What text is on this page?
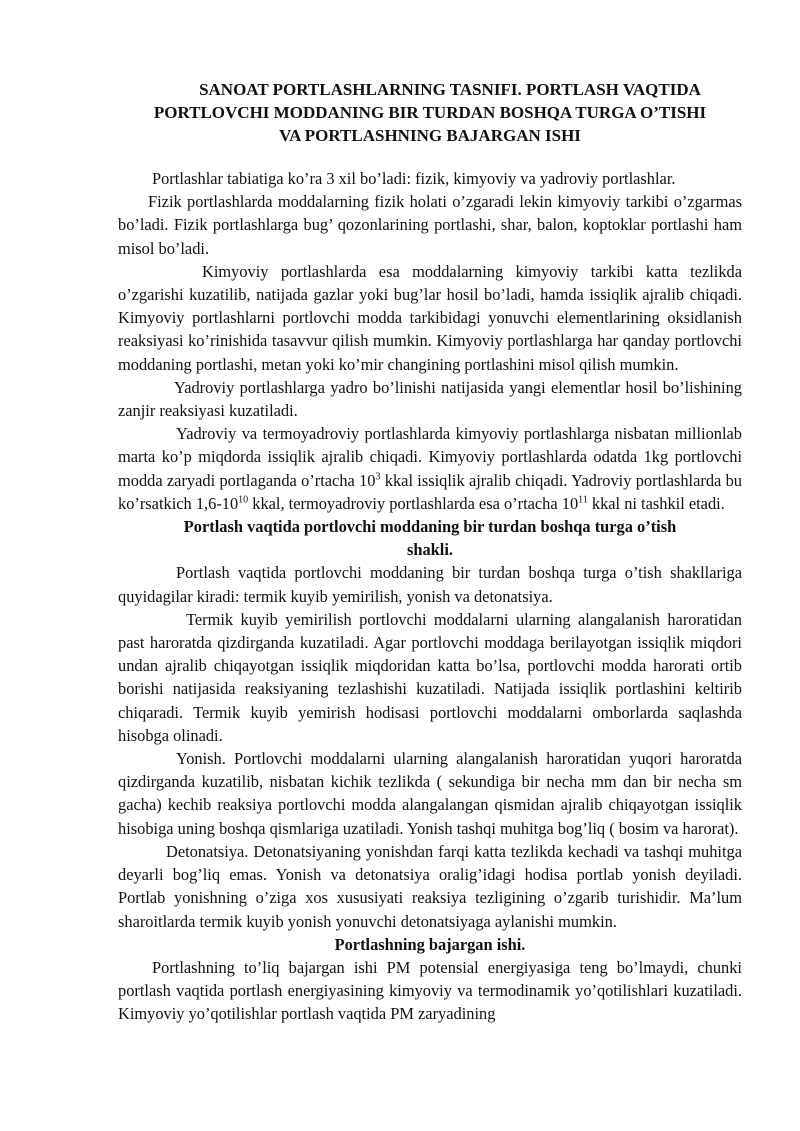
SANOAT PORTLASHLARNING TASNIFI. PORTLASH VAQTIDA
PORTLOVCHI MODDANING BIR TURDAN BOSHQA TURGA O’TISHI
VA PORTLASHNING BAJARGAN ISHI

Portlashlar tabiatiga ko’ra 3 xil bo’ladi: fizik, kimyoviy va yadroviy portlashlar.

Fizik portlashlarda moddalarning fizik holati o’zgaradi lekin kimyoviy tarkibi o’zgarmas bo’ladi. Fizik portlashlarga bug’ qozonlarining portlashi, shar, balon, koptoklar portlashi ham misol bo’ladi.

Kimyoviy portlashlarda esa moddalarning kimyoviy tarkibi katta tezlikda o’zgarishi kuzatilib, natijada gazlar yoki bug’lar hosil bo’ladi, hamda issiqlik ajralib chiqadi. Kimyoviy portlashlarni portlovchi modda tarkibidagi yonuvchi elementlarining oksidlanish reaksiyasi ko’rinishida tasavvur qilish mumkin. Kimyoviy portlashlarga har qanday portlovchi moddaning portlashi, metan yoki ko’mir changining portlashini misol qilish mumkin.

Yadroviy portlashlarga yadro bo’linishi natijasida yangi elementlar hosil bo’lishining zanjir reaksiyasi kuzatiladi.

Yadroviy va termoyadroviy portlashlarda kimyoviy portlashlarga nisbatan millionlab marta ko’p miqdorda issiqlik ajralib chiqadi. Kimyoviy portlashlarda odatda 1kg portlovchi modda zaryadi portlaganda o’rtacha $10^3$ kkal issiqlik ajralib chiqadi. Yadroviy portlashlarda bu ko’rsatkich $1,6-10^{10}$ kkal, termoyadroviy portlashlarda esa o’rtacha $10^{11}$ kkal ni tashkil etadi.

Portlash vaqtida portlovchi moddaning bir turdan boshqa turga o’tish
shakli.

Portlash vaqtida portlovchi moddaning bir turdan boshqa turga o’tish shakllariga quyidagilar kiradi: termik kuyib yemirilish, yonish va detonatsiya.

Termik kuyib yemirilish portlovchi moddalarni ularning alangalanish haroratidan past haroratda qizdirganda kuzatiladi. Agar portlovchi moddaga berilayotgan issiqlik miqdori undan ajralib chiqayotgan issiqlik miqdoridan katta bo’lsa, portlovchi modda harorati ortib borishi natijasida reaksiyaning tezlashishi kuzatiladi. Natijada issiqlik portlashini keltirib chiqaradi. Termik kuyib yemirish hodisasi portlovchi moddalarni omborlarda saqlashda hisobga olinadi.

Yonish. Portlovchi moddalarni ularning alangalanish haroratidan yuqori haroratda qizdirganda kuzatilib, nisbatan kichik tezlikda ( sekundiga bir necha mm dan bir necha sm gacha) kechib reaksiya portlovchi modda alangalangan qismidan ajralib chiqayotgan issiqlik hisobiga uning boshqa qismlariga uzatiladi. Yonish tashqi muhitga bog’liq ( bosim va harorat).

Detonatsiya. Detonatsiyaning yonishdan farqi katta tezlikda kechadi va tashqi muhitga deyarli bog’liq emas. Yonish va detonatsiya oralig’idagi hodisa portlab yonish deyiladi. Portlab yonishning o’ziga xos xususiyati reaksiya tezligining o’zgarib turishidir. Ma’lum sharoitlarda termik kuyib yonish yonuvchi detonatsiyaga aylanishi mumkin.

Portlashning bajargan ishi.

Portlashning to’liq bajargan ishi PM potensial energiyasiga teng bo’lmaydi, chunki portlash vaqtida portlash energiyasining kimyoviy va termodinamik yo’qotilishlari kuzatiladi. Kimyoviy yo’qotilishlar portlash vaqtida PM zaryadining
